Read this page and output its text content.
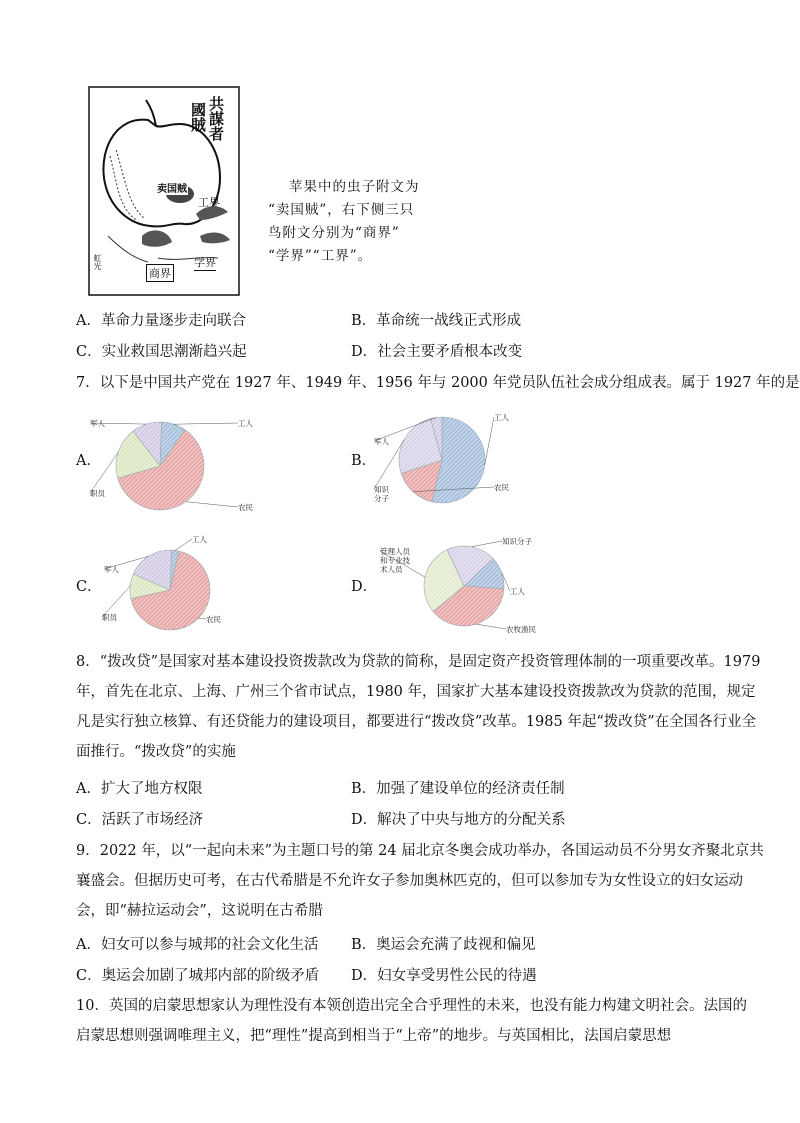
共謀者
國賊
卖国贼
工界
学界
商界
虹光
苹果中的虫子附文为
“卖国贼”，右下侧三只
鸟附文分别为“商界”
“学界”“工界”。
A．革命力量逐步走向联合	B．革命统一战线正式形成
C．实业救国思潮渐趋兴起	D．社会主要矛盾根本改变
7．以下是中国共产党在 1927 年、1949 年、1956 年与 2000 年党员队伍社会成分组成表。属于 1927 年的是
A．	B．
C．	D．
工人
农民
职员
军人
工人
农民
知识
分子
军人
工人
农民
职员
军人
知识分子
工人
农牧渔民
管理人员
和专业技
术人员
8．“拨改贷”是国家对基本建设投资拨款改为贷款的简称，是固定资产投资管理体制的一项重要改革。1979
年，首先在北京、上海、广州三个省市试点，1980 年，国家扩大基本建设投资拨款改为贷款的范围，规定
凡是实行独立核算、有还贷能力的建设项目，都要进行“拨改贷”改革。1985 年起“拨改贷”在全国各行业全
面推行。“拨改贷”的实施
A．扩大了地方权限	B．加强了建设单位的经济责任制
C．活跃了市场经济	D．解决了中央与地方的分配关系
9．2022 年，以“一起向未来”为主题口号的第 24 届北京冬奥会成功举办，各国运动员不分男女齐聚北京共
襄盛会。但据历史可考，在古代希腊是不允许女子参加奥林匹克的，但可以参加专为女性设立的妇女运动
会，即“赫拉运动会”，这说明在古希腊
A．妇女可以参与城邦的社会文化生活 B．奥运会充满了歧视和偏见
C．奥运会加剧了城邦内部的阶级矛盾 D．妇女享受男性公民的待遇
10．英国的启蒙思想家认为理性没有本领创造出完全合乎理性的未来，也没有能力构建文明社会。法国的
启蒙思想则强调唯理主义，把“理性”提高到相当于“上帝”的地步。与英国相比，法国启蒙思想
